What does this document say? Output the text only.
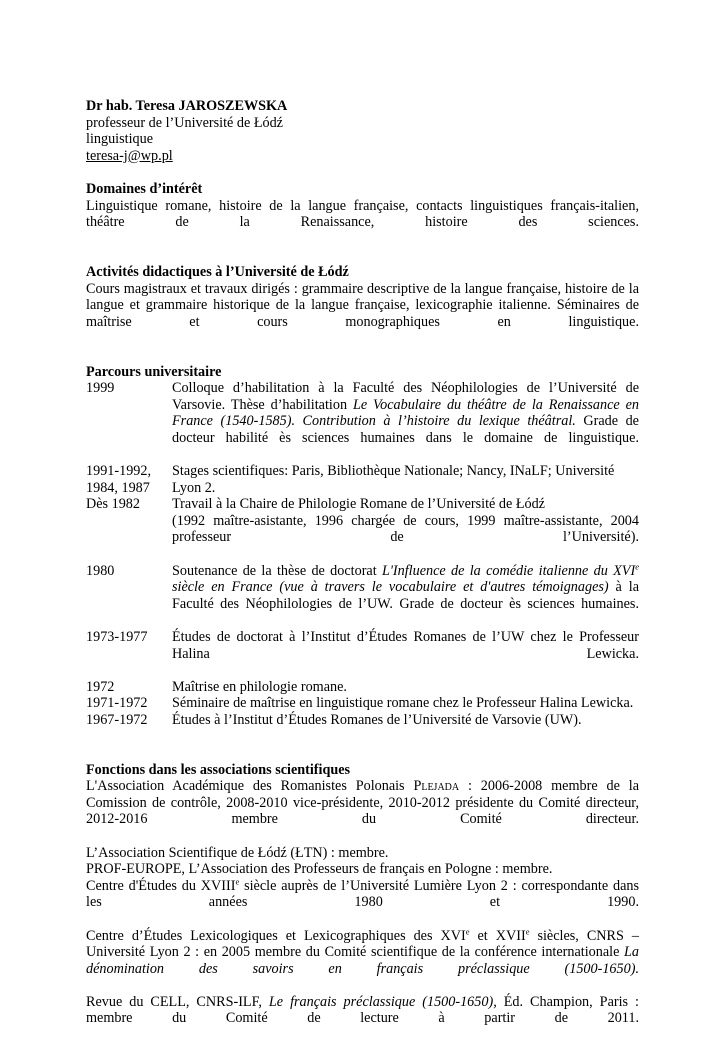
Dr hab. Teresa JAROSZEWSKA

professeur de l’Université de Łódź

linguistique

teresa-j@wp.pl

Domaines d’intérêt

Linguistique romane, histoire de la langue française, contacts linguistiques français-italien, théâtre de la Renaissance, histoire des sciences.

Activités didactiques à l’Université de Łódź

Cours magistraux et travaux dirigés : grammaire descriptive de la langue française, histoire de la langue et grammaire historique de la langue française, lexicographie italienne. Séminaires de maîtrise et cours monographiques en linguistique.

Parcours universitaire

1999	Colloque d’habilitation à la Faculté des Néophilologies de l’Université de Varsovie. Thèse d’habilitation Le Vocabulaire du théâtre de la Renaissance en France (1540-1585). Contribution à l’histoire du lexique théâtral. Grade de docteur habilité ès sciences humaines dans le domaine de linguistique.
1991-1992,
1984, 1987	Stages scientifiques: Paris, Bibliothèque Nationale; Nancy, INaLF; Université
Lyon 2.
Dès 1982	Travail à la Chaire de Philologie Romane de l’Université de Łódź
(1992 maître-asistante, 1996 chargée de cours, 1999 maître-assistante, 2004 professeur de l’Université).

1980	Soutenance de la thèse de doctorat L'Influence de la comédie italienne du XVIe siècle en France (vue à travers le vocabulaire et d'autres témoignages) à la Faculté des Néophilologies de l’UW. Grade de docteur ès sciences humaines.
1973-1977	Études de doctorat à l’Institut d’Études Romanes de l’UW chez le Professeur Halina Lewicka.
1972	Maîtrise en philologie romane.
1971-1972	Séminaire de maîtrise en linguistique romane chez le Professeur Halina Lewicka.
1967-1972	Études à l’Institut d’Études Romanes de l’Université de Varsovie (UW).

Fonctions dans les associations scientifiques

L'Association Académique des Romanistes Polonais Plejada : 2006-2008 membre de la Comission de contrôle, 2008-2010 vice-présidente, 2010-2012 présidente du Comité directeur, 2012-2016 membre du Comité directeur.

L’Association Scientifique de Łódź (ŁTN) : membre.

PROF-EUROPE, L’Association des Professeurs de français en Pologne : membre.

Centre d'Études du XVIIIe siècle auprès de l’Université Lumière Lyon 2 : correspondante dans les années 1980 et 1990.

Centre d’Études Lexicologiques et Lexicographiques des XVIe et XVIIe siècles, CNRS – Université Lyon 2 : en 2005 membre du Comité scientifique de la conférence internationale La dénomination des savoirs en français préclassique (1500-1650).

Revue du CELL, CNRS-ILF, Le français préclassique (1500-1650), Éd. Champion, Paris : membre du Comité de lecture à partir de 2011.
